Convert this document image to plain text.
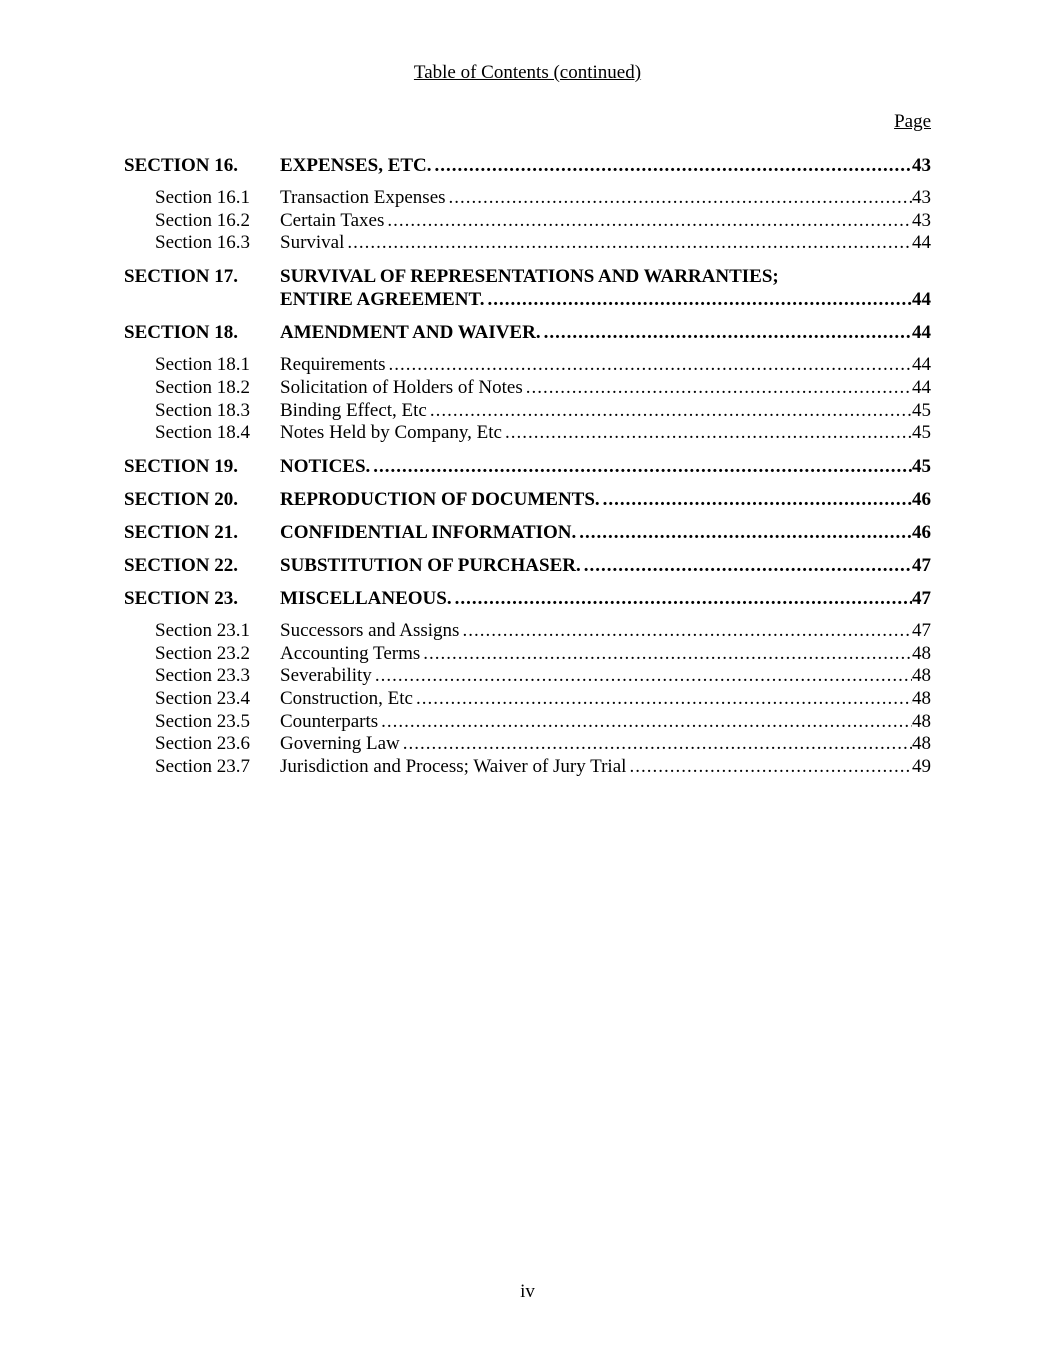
Table of Contents (continued)
Page
SECTION 16.	EXPENSES, ETC. .....	43
Section 16.1	Transaction Expenses .....	43
Section 16.2	Certain Taxes .....	43
Section 16.3	Survival .....	44
SECTION 17.	SURVIVAL OF REPRESENTATIONS AND WARRANTIES;
ENTIRE AGREEMENT. .....	44
SECTION 18.	AMENDMENT AND WAIVER. .....	44
Section 18.1	Requirements .....	44
Section 18.2	Solicitation of Holders of Notes .....	44
Section 18.3	Binding Effect, Etc .....	45
Section 18.4	Notes Held by Company, Etc .....	45
SECTION 19.	NOTICES. .....	45
SECTION 20.	REPRODUCTION OF DOCUMENTS. .....	46
SECTION 21.	CONFIDENTIAL INFORMATION. .....	46
SECTION 22.	SUBSTITUTION OF PURCHASER. .....	47
SECTION 23.	MISCELLANEOUS. .....	47
Section 23.1	Successors and Assigns .....	47
Section 23.2	Accounting Terms .....	48
Section 23.3	Severability .....	48
Section 23.4	Construction, Etc .....	48
Section 23.5	Counterparts .....	48
Section 23.6	Governing Law .....	48
Section 23.7	Jurisdiction and Process; Waiver of Jury Trial .....	49
iv
